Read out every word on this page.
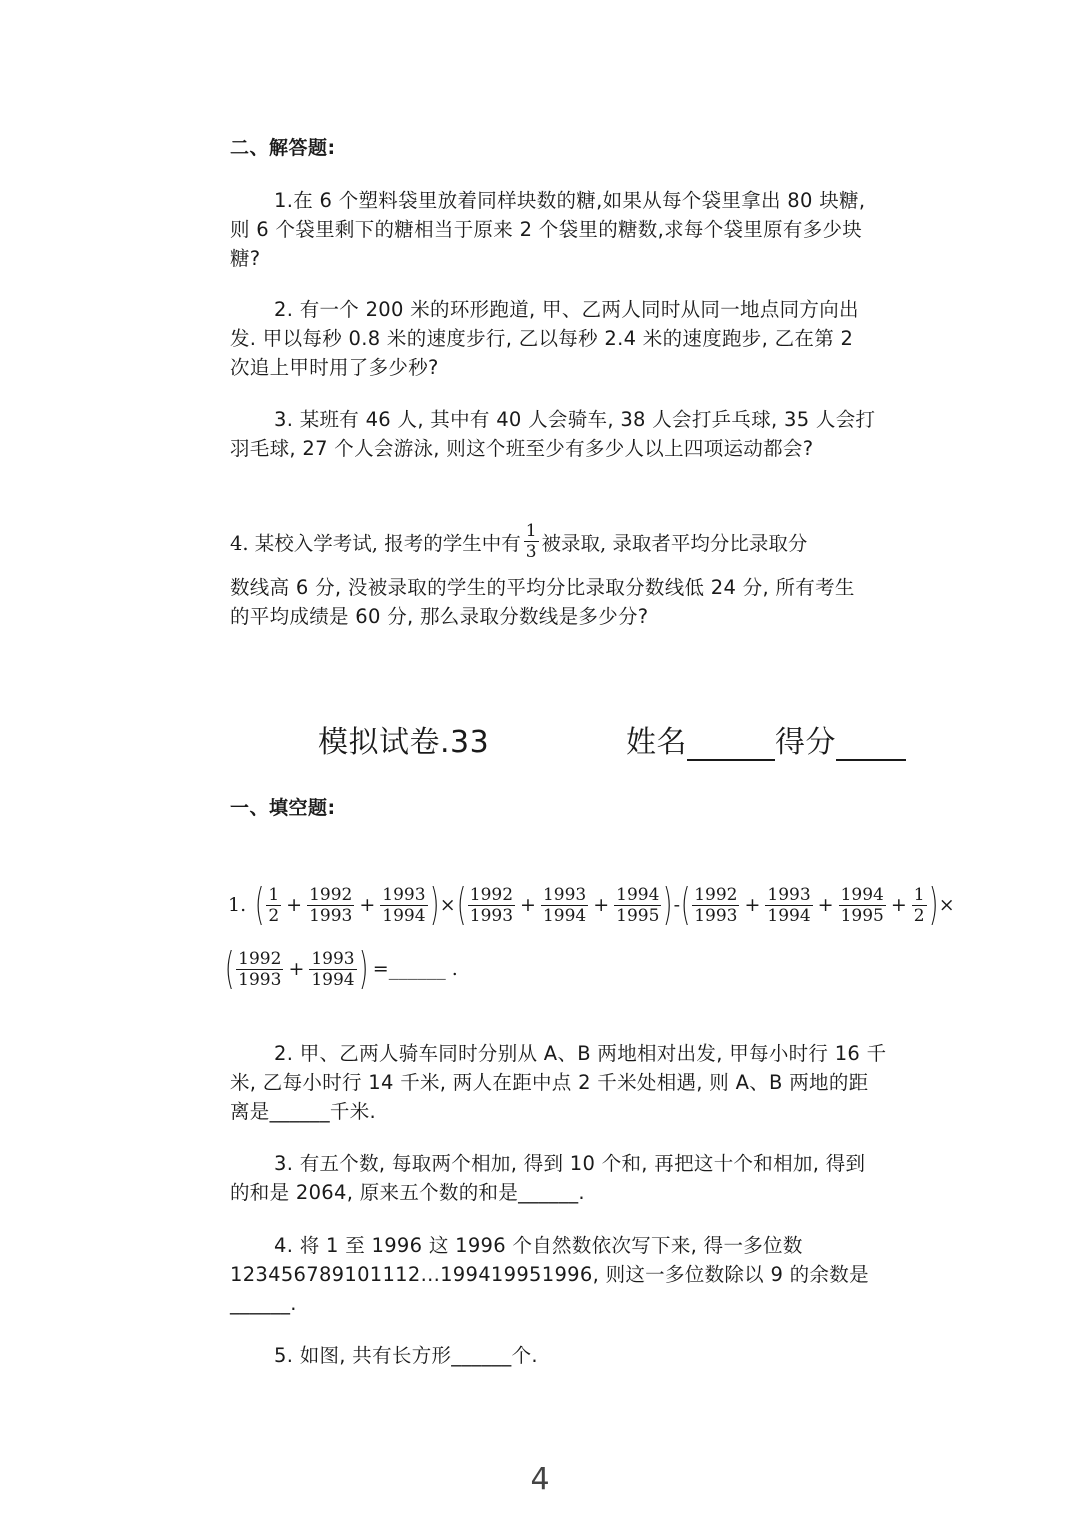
二、解答题:
1.在 6 个塑料袋里放着同样块数的糖,如果从每个袋里拿出 80 块糖,
则 6 个袋里剩下的糖相当于原来 2 个袋里的糖数,求每个袋里原有多少块
糖?
2. 有一个 200 米的环形跑道, 甲、乙两人同时从同一地点同方向出
发. 甲以每秒 0.8 米的速度步行, 乙以每秒 2.4 米的速度跑步, 乙在第 2
次追上甲时用了多少秒?
3. 某班有 46 人, 其中有 40 人会骑车, 38 人会打乒乓球, 35 人会打
羽毛球, 27 个人会游泳, 则这个班至少有多少人以上四项运动都会?
4. 某校入学考试, 报考的学生中有 $\frac{1}{3}$ 被录取, 录取者平均分比录取分
数线高 6 分, 没被录取的学生的平均分比录取分数线低 24 分, 所有考生
的平均成绩是 60 分, 那么录取分数线是多少分?
模拟试卷.33	姓名	得分
一、填空题:
1. ( $\frac{1}{2} + \frac{1992}{1993} + \frac{1993}{1994}$ ) × ( $\frac{1992}{1993} + \frac{1993}{1994} + \frac{1994}{1995}$ ) - ( $\frac{1992}{1993} + \frac{1993}{1994} + \frac{1994}{1995} + \frac{1}{2}$ ) ×
( $\frac{1992}{1993} + \frac{1993}{1994}$ ) =______ .
2. 甲、乙两人骑车同时分别从 A、B 两地相对出发, 甲每小时行 16 千
米, 乙每小时行 14 千米, 两人在距中点 2 千米处相遇, 则 A、B 两地的距
离是______千米.
3. 有五个数, 每取两个相加, 得到 10 个和, 再把这十个和相加, 得到
的和是 2064, 原来五个数的和是______.
4. 将 1 至 1996 这 1996 个自然数依次写下来, 得一多位数
123456789101112...199419951996, 则这一多位数除以 9 的余数是
______.
5. 如图, 共有长方形______个.
4
